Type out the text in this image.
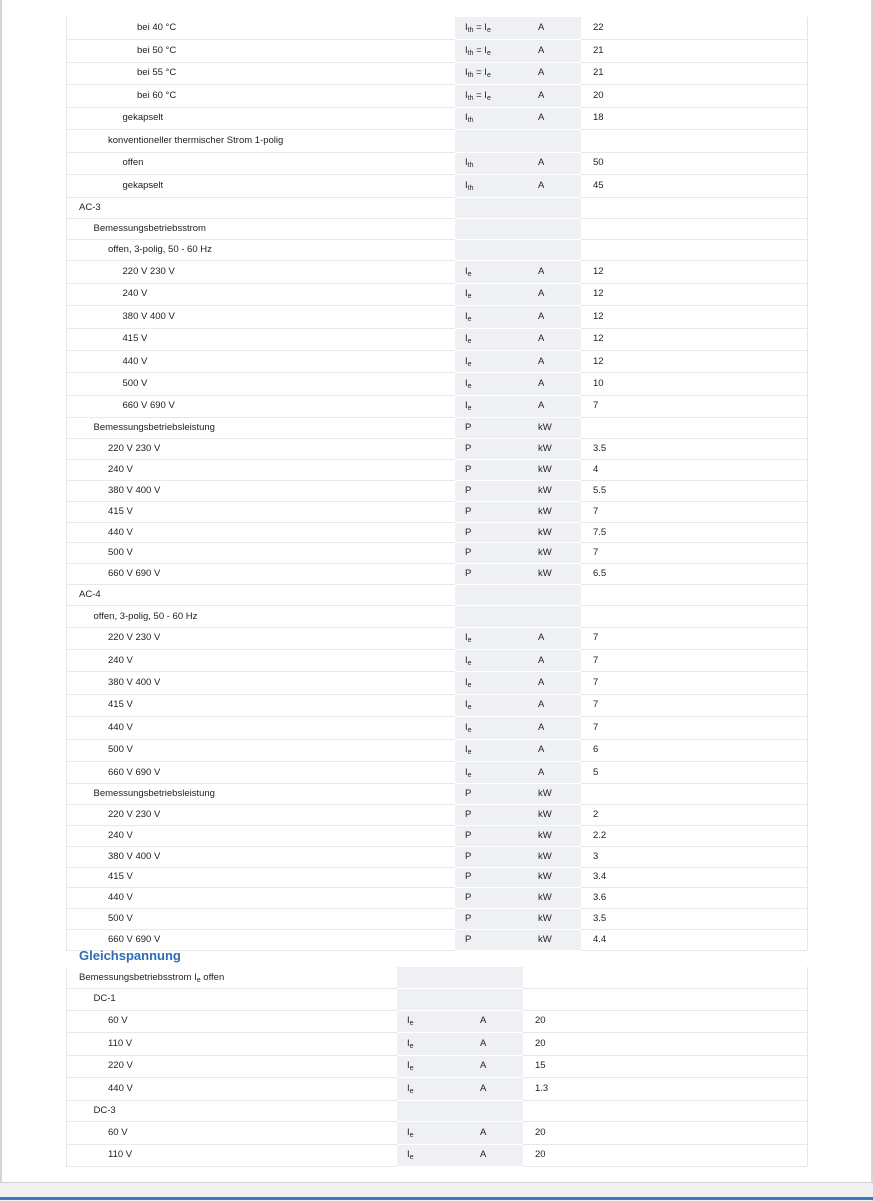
bei 40 °C	$I_{th} = I_e$	A	22
bei 50 °C	$I_{th} = I_e$	A	21
bei 55 °C	$I_{th} = I_e$	A	21
bei 60 °C	$I_{th} = I_e$	A	20
gekapselt	$I_{th}$	A	18
konventioneller thermischer Strom 1-polig			
offen	$I_{th}$	A	50
gekapselt	$I_{th}$	A	45
AC-3			
Bemessungsbetriebsstrom			
offen, 3-polig, 50 - 60 Hz			
220 V 230 V	$I_e$	A	12
240 V	$I_e$	A	12
380 V 400 V	$I_e$	A	12
415 V	$I_e$	A	12
440 V	$I_e$	A	12
500 V	$I_e$	A	10
660 V 690 V	$I_e$	A	7
Bemessungsbetriebsleistung	P	kW	
220 V 230 V	P	kW	3.5
240 V	P	kW	4
380 V 400 V	P	kW	5.5
415 V	P	kW	7
440 V	P	kW	7.5
500 V	P	kW	7
660 V 690 V	P	kW	6.5
AC-4			
offen, 3-polig, 50 - 60 Hz			
220 V 230 V	$I_e$	A	7
240 V	$I_e$	A	7
380 V 400 V	$I_e$	A	7
415 V	$I_e$	A	7
440 V	$I_e$	A	7
500 V	$I_e$	A	6
660 V 690 V	$I_e$	A	5
Bemessungsbetriebsleistung	P	kW	
220 V 230 V	P	kW	2
240 V	P	kW	2.2
380 V 400 V	P	kW	3
415 V	P	kW	3.4
440 V	P	kW	3.6
500 V	P	kW	3.5
660 V 690 V	P	kW	4.4
Gleichspannung
Bemessungsbetriebsstrom $I_e$ offen			
DC-1			
60 V	$I_e$	A	20
110 V	$I_e$	A	20
220 V	$I_e$	A	15
440 V	$I_e$	A	1.3
DC-3			
60 V	$I_e$	A	20
110 V	$I_e$	A	20
